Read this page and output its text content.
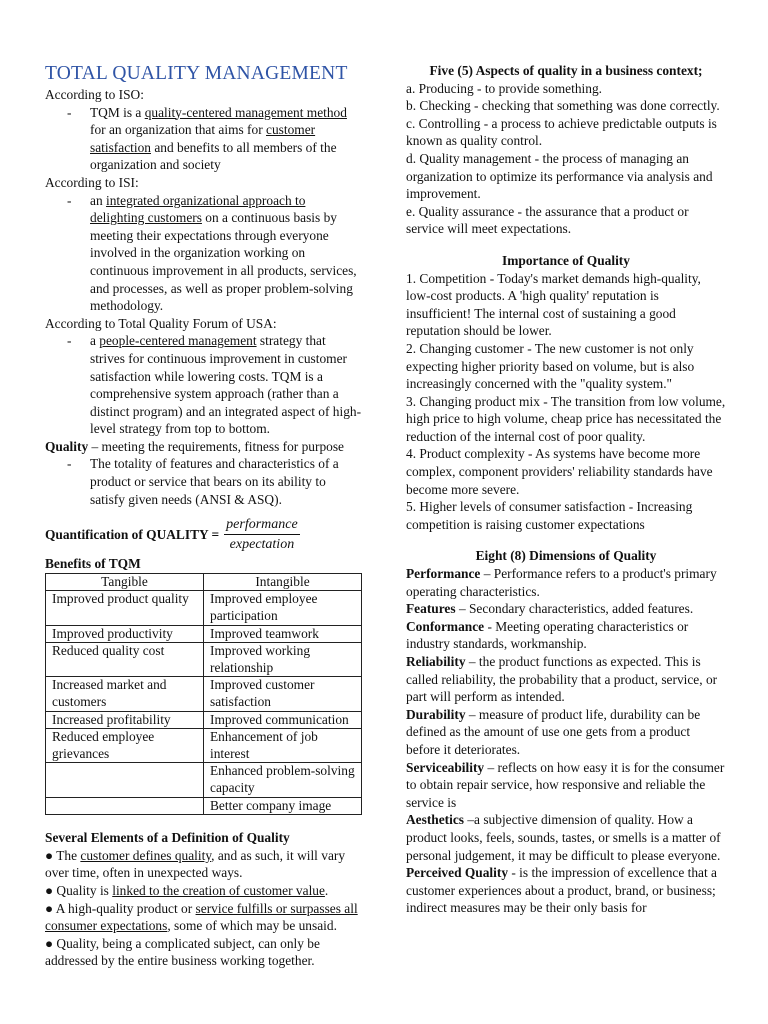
TOTAL QUALITY MANAGEMENT

According to ISO:

-	TQM is a quality-centered management method for an organization that aims for customer satisfaction and benefits to all members of the organization and society

According to ISI:

-	an integrated organizational approach to delighting customers on a continuous basis by meeting their expectations through everyone involved in the organization working on continuous improvement in all products, services, and processes, as well as proper problem-solving methodology.

According to Total Quality Forum of USA:

-	a people-centered management strategy that strives for continuous improvement in customer satisfaction while lowering costs. TQM is a comprehensive system approach (rather than a distinct program) and an integrated aspect of high-level strategy from top to bottom.

Quality – meeting the requirements, fitness for purpose

-	The totality of features and characteristics of a product or service that bears on its ability to satisfy given needs (ANSI & ASQ).
Quantification of QUALITY = $\frac{\text{performance}}{\text{expectation}}$

Benefits of TQM

Tangible	Intangible
Improved product quality	Improved employee participation
Improved productivity	Improved teamwork
Reduced quality cost	Improved working relationship
Increased market and customers	Improved customer satisfaction
Increased profitability	Improved communication
Reduced employee grievances	Enhancement of job interest
	Enhanced problem-solving capacity
	Better company image

Several Elements of a Definition of Quality

● The customer defines quality, and as such, it will vary over time, often in unexpected ways.

● Quality is linked to the creation of customer value.

● A high-quality product or service fulfills or surpasses all consumer expectations, some of which may be unsaid.

● Quality, being a complicated subject, can only be addressed by the entire business working together.

Five (5) Aspects of quality in a business context;

a. Producing - to provide something.

b. Checking - checking that something was done correctly.

c. Controlling - a process to achieve predictable outputs is known as quality control.

d. Quality management - the process of managing an organization to optimize its performance via analysis and improvement.

e. Quality assurance - the assurance that a product or service will meet expectations.

Importance of Quality

1. Competition - Today's market demands high-quality, low-cost products. A 'high quality' reputation is insufficient! The internal cost of sustaining a good reputation should be lower.

2. Changing customer - The new customer is not only expecting higher priority based on volume, but is also increasingly concerned with the "quality system."

3. Changing product mix - The transition from low volume, high price to high volume, cheap price has necessitated the reduction of the internal cost of poor quality.

4. Product complexity - As systems have become more complex, component providers' reliability standards have become more severe.

5. Higher levels of consumer satisfaction - Increasing competition is raising customer expectations

Eight (8) Dimensions of Quality

Performance – Performance refers to a product's primary operating characteristics.

Features – Secondary characteristics, added features.

Conformance - Meeting operating characteristics or industry standards, workmanship.

Reliability – the product functions as expected. This is called reliability, the probability that a product, service, or part will perform as intended.

Durability – measure of product life, durability can be defined as the amount of use one gets from a product before it deteriorates.

Serviceability – reflects on how easy it is for the consumer to obtain repair service, how responsive and reliable the service is

Aesthetics –a subjective dimension of quality. How a product looks, feels, sounds, tastes, or smells is a matter of personal judgement, it may be difficult to please everyone.

Perceived Quality - is the impression of excellence that a customer experiences about a product, brand, or business; indirect measures may be their only basis for
